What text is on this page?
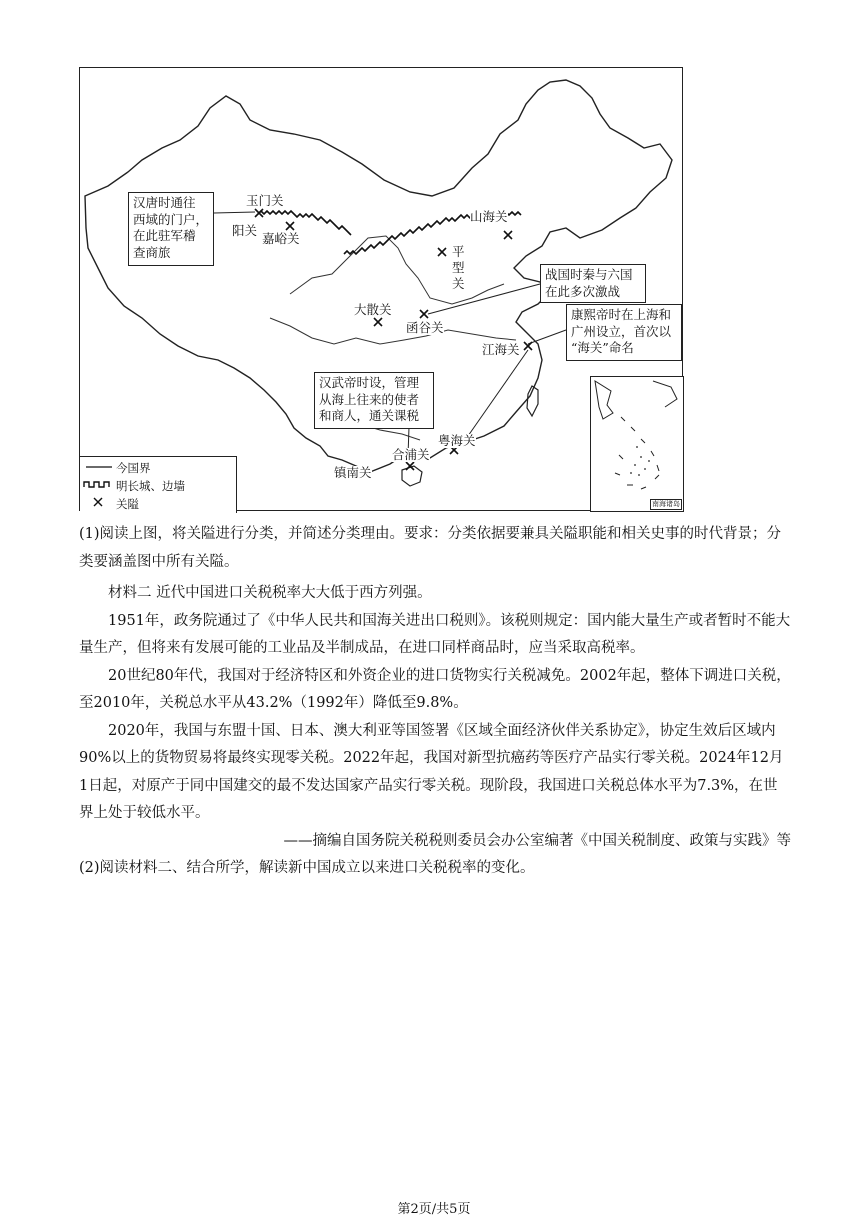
玉门关
阳关
嘉峪关
山海关
平型关
大散关
函谷关
江海关
粤海关
合浦关
镇南关
汉唐时通往
西域的门户，
在此驻军稽
查商旅
战国时秦与六国
在此多次激战
康熙帝时在上海和
广州设立，首次以
“海关”命名
汉武帝时设，管理
从海上往来的使者
和商人，通关课税
今国界
明长城、边墙
关隘	南海诸岛

(1)阅读上图，将关隘进行分类，并简述分类理由。要求：分类依据要兼具关隘职能和相关史事的时代背景；分类要涵盖图中所有关隘。

材料二 近代中国进口关税税率大大低于西方列强。

1951年，政务院通过了《中华人民共和国海关进出口税则》。该税则规定：国内能大量生产或者暂时不能大量生产，但将来有发展可能的工业品及半制成品，在进口同样商品时，应当采取高税率。

20世纪80年代，我国对于经济特区和外资企业的进口货物实行关税减免。2002年起，整体下调进口关税，至2010年，关税总水平从43.2%（1992年）降低至9.8%。

2020年，我国与东盟十国、日本、澳大利亚等国签署《区域全面经济伙伴关系协定》，协定生效后区域内90%以上的货物贸易将最终实现零关税。2022年起，我国对新型抗癌药等医疗产品实行零关税。2024年12月1日起，对原产于同中国建交的最不发达国家产品实行零关税。现阶段，我国进口关税总体水平为7.3%，在世界上处于较低水平。

——摘编自国务院关税税则委员会办公室编著《中国关税制度、政策与实践》等

(2)阅读材料二、结合所学，解读新中国成立以来进口关税税率的变化。

第2页/共5页
